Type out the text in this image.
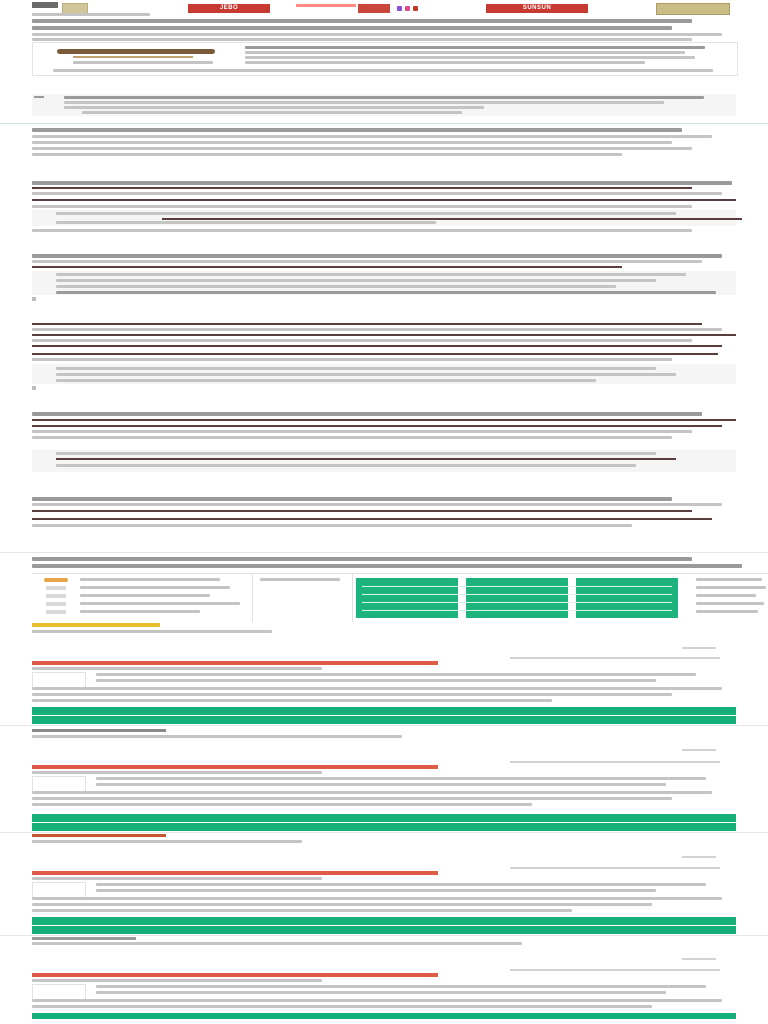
JEBO	SUNSUN
